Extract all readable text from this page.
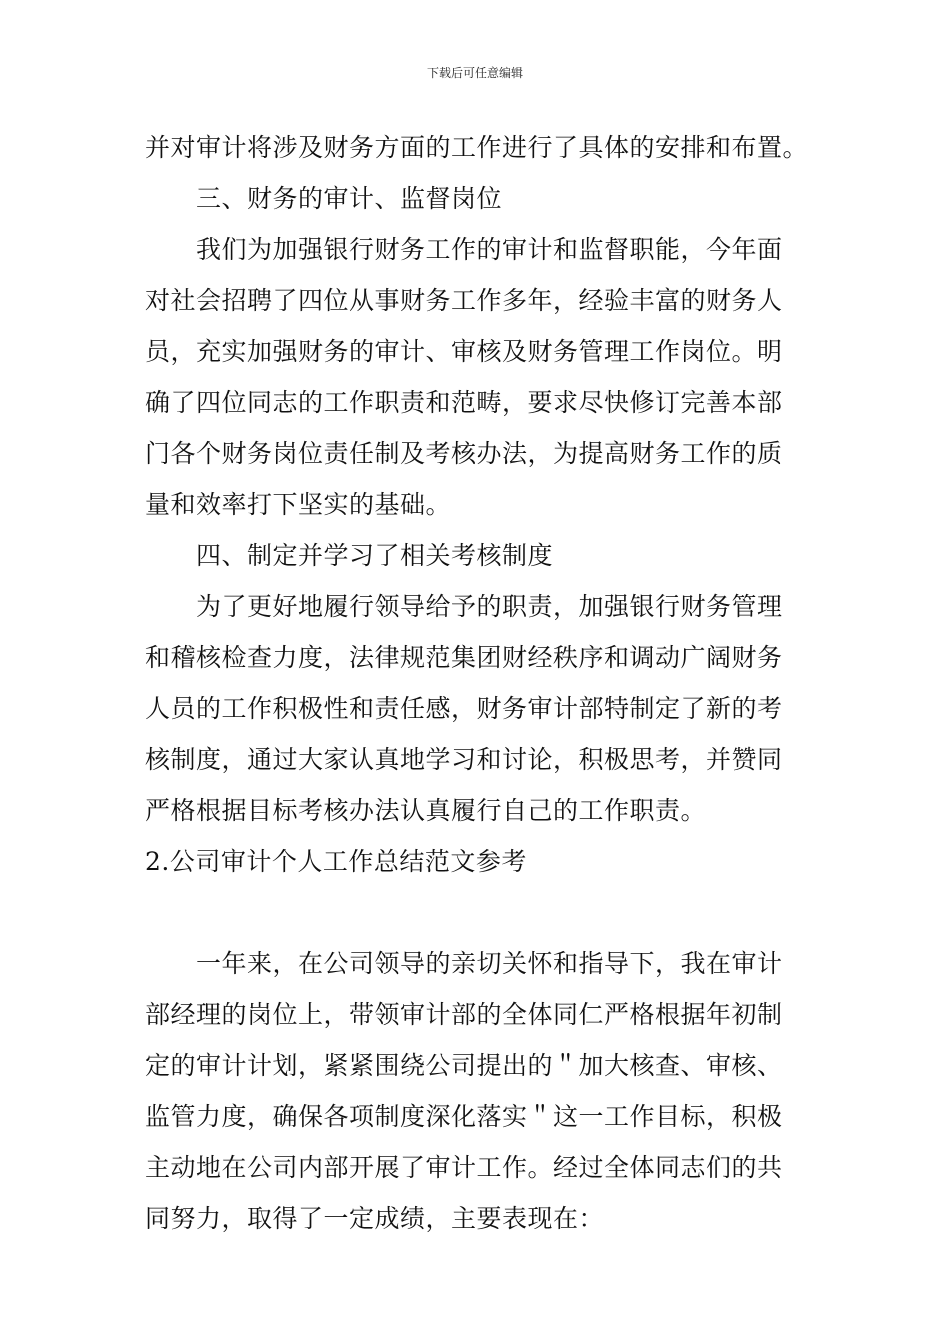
下载后可任意编辑
并对审计将涉及财务方面的工作进行了具体的安排和布置。
三、财务的审计、监督岗位
我们为加强银行财务工作的审计和监督职能，今年面
对社会招聘了四位从事财务工作多年，经验丰富的财务人
员，充实加强财务的审计、审核及财务管理工作岗位。明
确了四位同志的工作职责和范畴，要求尽快修订完善本部
门各个财务岗位责任制及考核办法，为提高财务工作的质
量和效率打下坚实的基础。
四、制定并学习了相关考核制度
为了更好地履行领导给予的职责，加强银行财务管理
和稽核检查力度，法律规范集团财经秩序和调动广阔财务
人员的工作积极性和责任感，财务审计部特制定了新的考
核制度，通过大家认真地学习和讨论，积极思考，并赞同
严格根据目标考核办法认真履行自己的工作职责。
2.公司审计个人工作总结范文参考
一年来，在公司领导的亲切关怀和指导下，我在审计
部经理的岗位上，带领审计部的全体同仁严格根据年初制
定的审计计划，紧紧围绕公司提出的＂加大核查、审核、
监管力度，确保各项制度深化落实＂这一工作目标，积极
主动地在公司内部开展了审计工作。经过全体同志们的共
同努力，取得了一定成绩，主要表现在：
